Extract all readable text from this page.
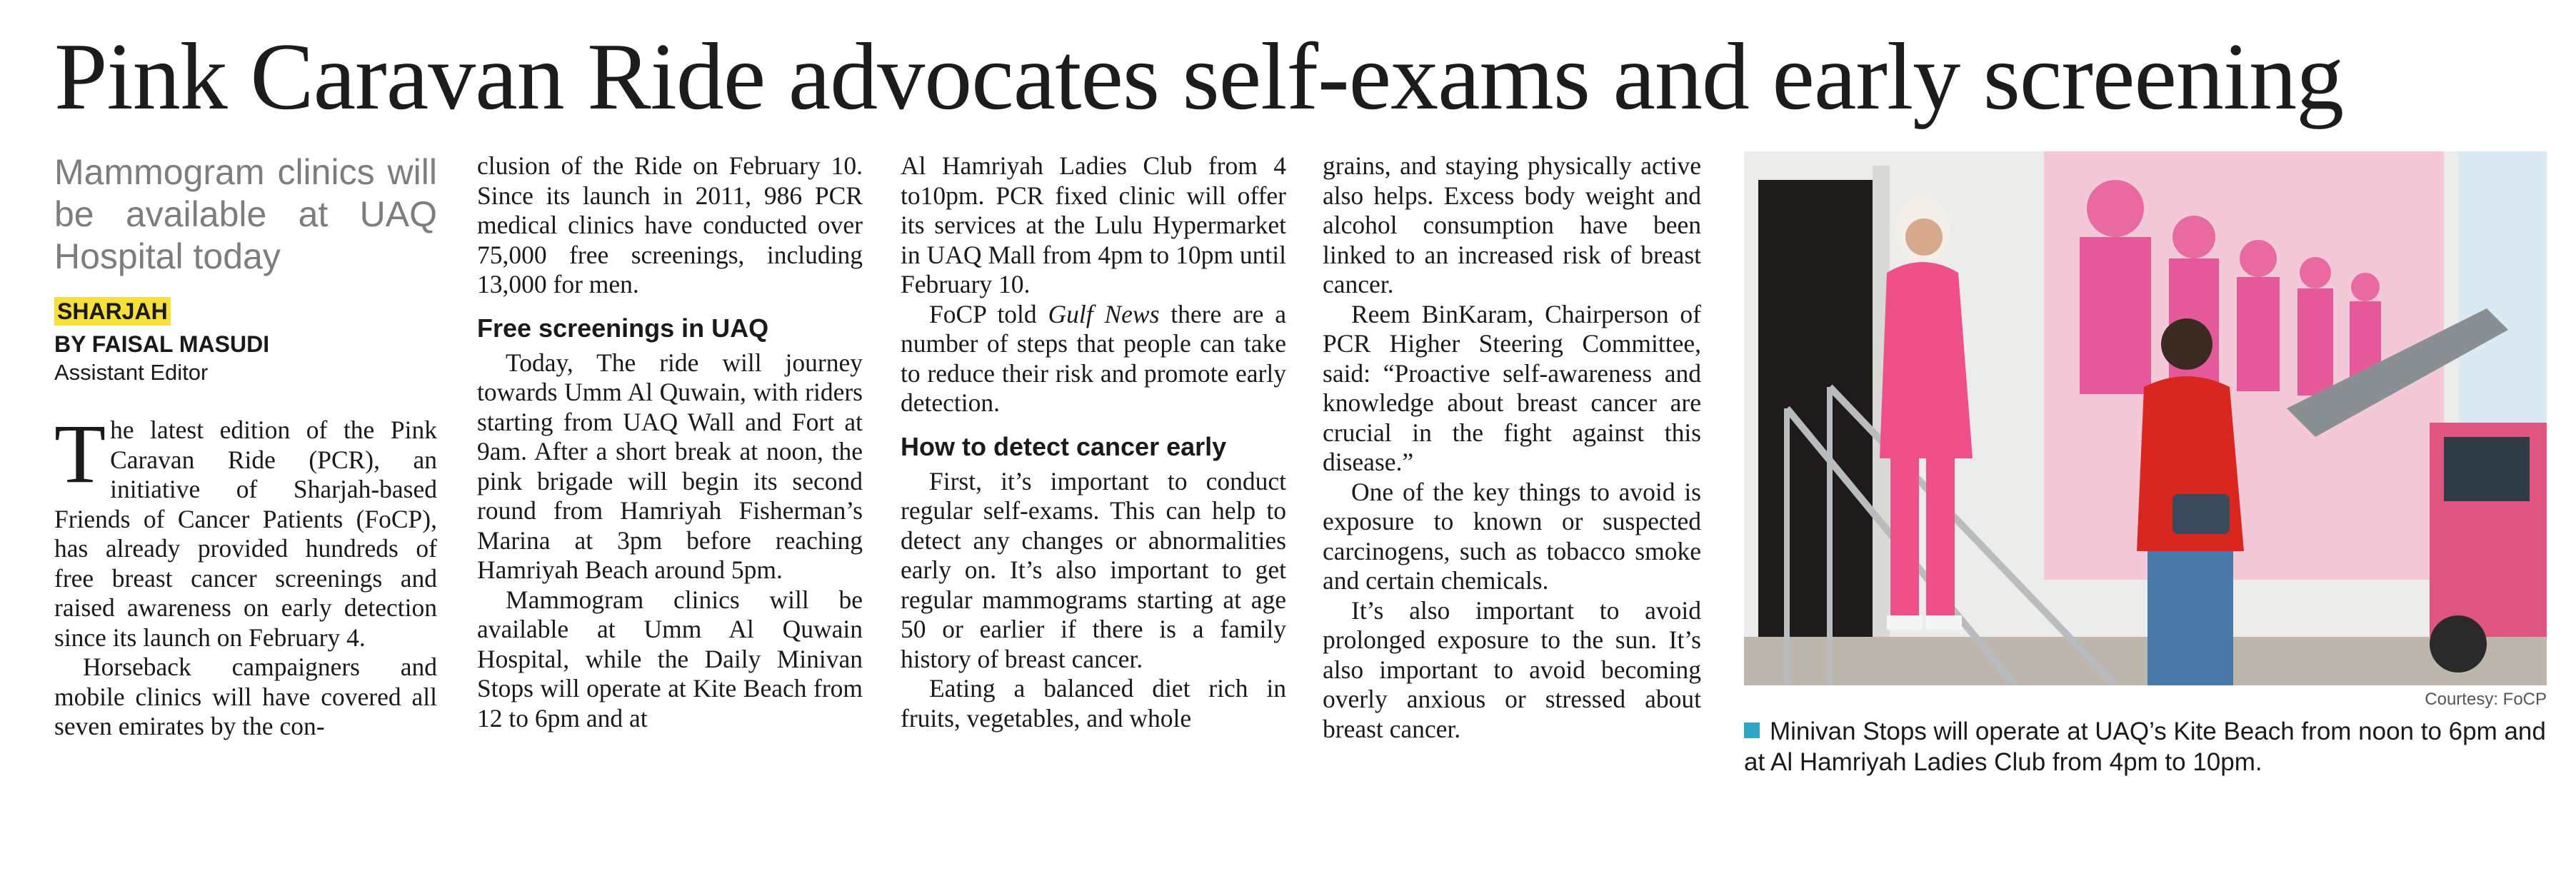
Pink Caravan Ride advocates self-exams and early screening
Mammogram clinics will be available at UAQ Hospital today
SHARJAH
BY FAISAL MASUDI
Assistant Editor

The latest edition of the Pink Caravan Ride (PCR), an initiative of Sharjah-based Friends of Cancer Patients (FoCP), has already provided hundreds of free breast cancer screenings and raised awareness on early detection since its launch on February 4.

Horseback campaigners and mobile clinics will have covered all seven emirates by the con-

clusion of the Ride on February 10. Since its launch in 2011, 986 PCR medical clinics have conducted over 75,000 free screenings, including 13,000 for men.

Free screenings in UAQ

Today, The ride will journey towards Umm Al Quwain, with riders starting from UAQ Wall and Fort at 9am. After a short break at noon, the pink brigade will begin its second round from Hamriyah Fisherman’s Marina at 3pm before reaching Hamriyah Beach around 5pm.

Mammogram clinics will be available at Umm Al Quwain Hospital, while the Daily Minivan Stops will operate at Kite Beach from 12 to 6pm and at

Al Hamriyah Ladies Club from 4 to10pm. PCR fixed clinic will offer its services at the Lulu Hypermarket in UAQ Mall from 4pm to 10pm until February 10.

FoCP told Gulf News there are a number of steps that people can take to reduce their risk and promote early detection.

How to detect cancer early

First, it’s important to conduct regular self-exams. This can help to detect any changes or abnormalities early on. It’s also important to get regular mammograms starting at age 50 or earlier if there is a family history of breast cancer.

Eating a balanced diet rich in fruits, vegetables, and whole

grains, and staying physically active also helps. Excess body weight and alcohol consumption have been linked to an increased risk of breast cancer.

Reem BinKaram, Chairperson of PCR Higher Steering Committee, said: “Proactive self-awareness and knowledge about breast cancer are crucial in the fight against this disease.”

One of the key things to avoid is exposure to known or suspected carcinogens, such as tobacco smoke and certain chemicals.

It’s also important to avoid prolonged exposure to the sun. It’s also important to avoid becoming overly anxious or stressed about breast cancer.

Courtesy: FoCP
Minivan Stops will operate at UAQ’s Kite Beach from noon to 6pm and at Al Hamriyah Ladies Club from 4pm to 10pm.
